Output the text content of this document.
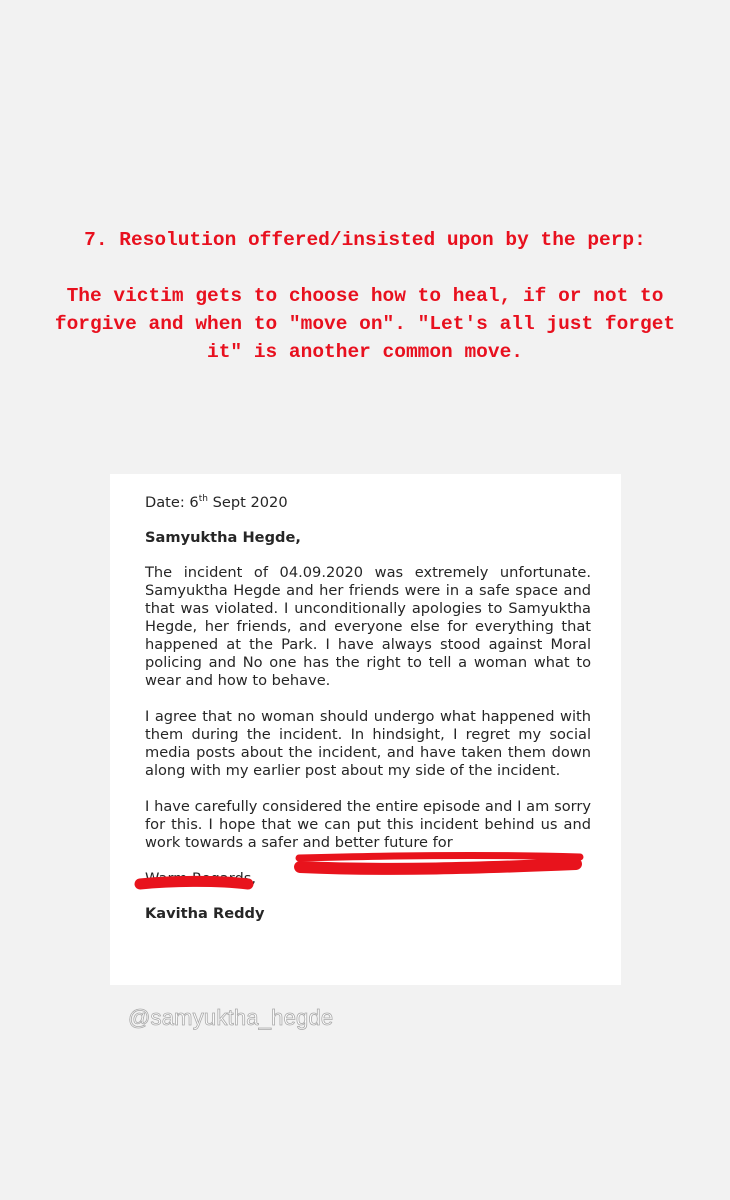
7. Resolution offered/insisted upon by the perp:

The victim gets to choose how to heal, if or not to forgive and when to "move on". "Let's all just forget it" is another common move.

Date: 6th Sept 2020

Samyuktha Hegde,

The incident of 04.09.2020 was extremely unfortunate. Samyuktha Hegde and her friends were in a safe space and that was violated. I unconditionally apologies to Samyuktha Hegde, her friends, and everyone else for everything that happened at the Park. I have always stood against Moral policing and No one has the right to tell a woman what to wear and how to behave.

I agree that no woman should undergo what happened with them during the incident. In hindsight, I regret my social media posts about the incident, and have taken them down along with my earlier post about my side of the incident.

I have carefully considered the entire episode and I am sorry for this. I hope that we can put this incident behind us and work towards a safer and better future for

Warm Regards,

Kavitha Reddy

@samyuktha_hegde
